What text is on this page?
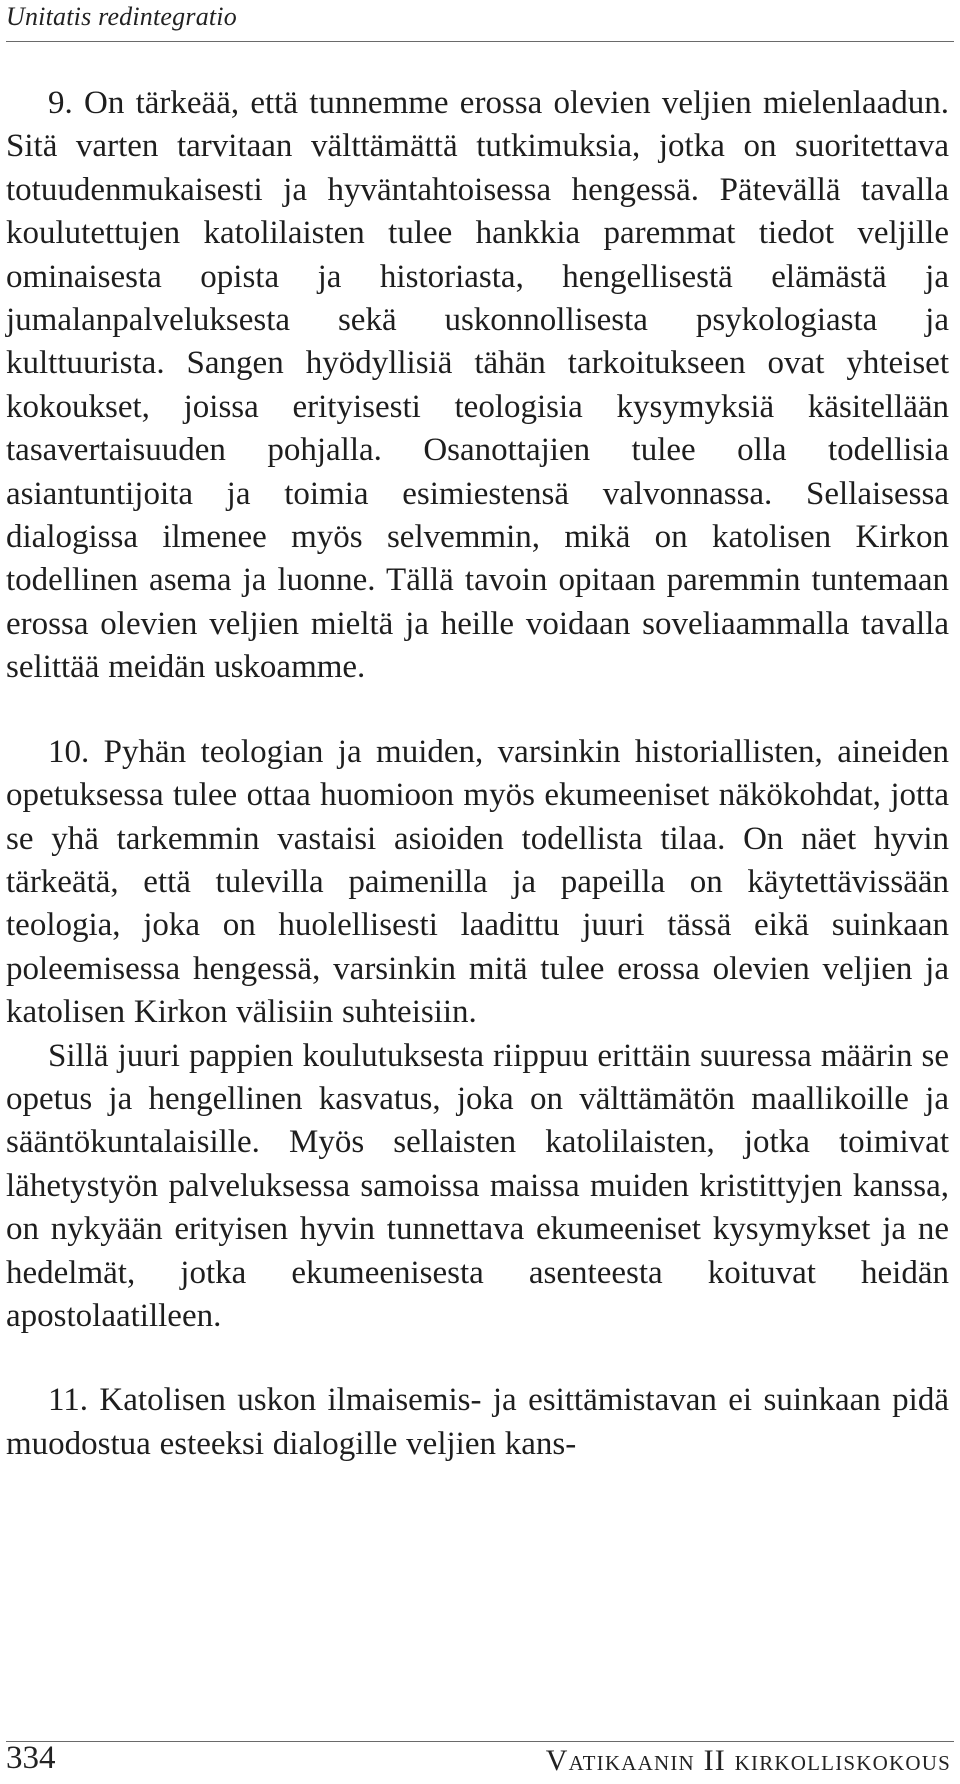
Unitatis redintegratio

9. On tärkeää, että tunnemme erossa olevien veljien mielenlaadun. Sitä varten tarvitaan välttämättä tutkimuksia, jotka on suoritettava totuudenmukaisesti ja hyväntahtoisessa hengessä. Pätevällä tavalla koulutettujen katolilaisten tulee hankkia paremmat tiedot veljille ominaisesta opista ja historiasta, hengellisestä elämästä ja jumalanpalveluksesta sekä uskonnollisesta psykologiasta ja kulttuurista. Sangen hyödyllisiä tähän tarkoitukseen ovat yhteiset kokoukset, joissa erityisesti teologisia kysymyksiä käsitellään tasavertaisuuden pohjalla. Osanottajien tulee olla todellisia asiantuntijoita ja toimia esimiestensä valvonnassa. Sellaisessa dialogissa ilmenee myös selvemmin, mikä on katolisen Kirkon todellinen asema ja luonne. Tällä tavoin opitaan paremmin tuntemaan erossa olevien veljien mieltä ja heille voidaan soveliaammalla tavalla selittää meidän uskoamme.

10. Pyhän teologian ja muiden, varsinkin historiallisten, aineiden opetuksessa tulee ottaa huomioon myös ekumeeniset näkökohdat, jotta se yhä tarkemmin vastaisi asioiden todellista tilaa. On näet hyvin tärkeätä, että tulevilla paimenilla ja papeilla on käytettävissään teologia, joka on huolellisesti laadittu juuri tässä eikä suinkaan poleemisessa hengessä, varsinkin mitä tulee erossa olevien veljien ja katolisen Kirkon välisiin suhteisiin.

Sillä juuri pappien koulutuksesta riippuu erittäin suuressa määrin se opetus ja hengellinen kasvatus, joka on välttämätön maallikoille ja sääntökuntalaisille. Myös sellaisten katolilaisten, jotka toimivat lähetystyön palveluksessa samoissa maissa muiden kristittyjen kanssa, on nykyään erityisen hyvin tunnettava ekumeeniset kysymykset ja ne hedelmät, jotka ekumeenisesta asenteesta koituvat heidän apostolaatilleen.

11. Katolisen uskon ilmaisemis- ja esittämistavan ei suinkaan pidä muodostua esteeksi dialogille veljien kans-

334	Vatikaanin II kirkolliskokous
